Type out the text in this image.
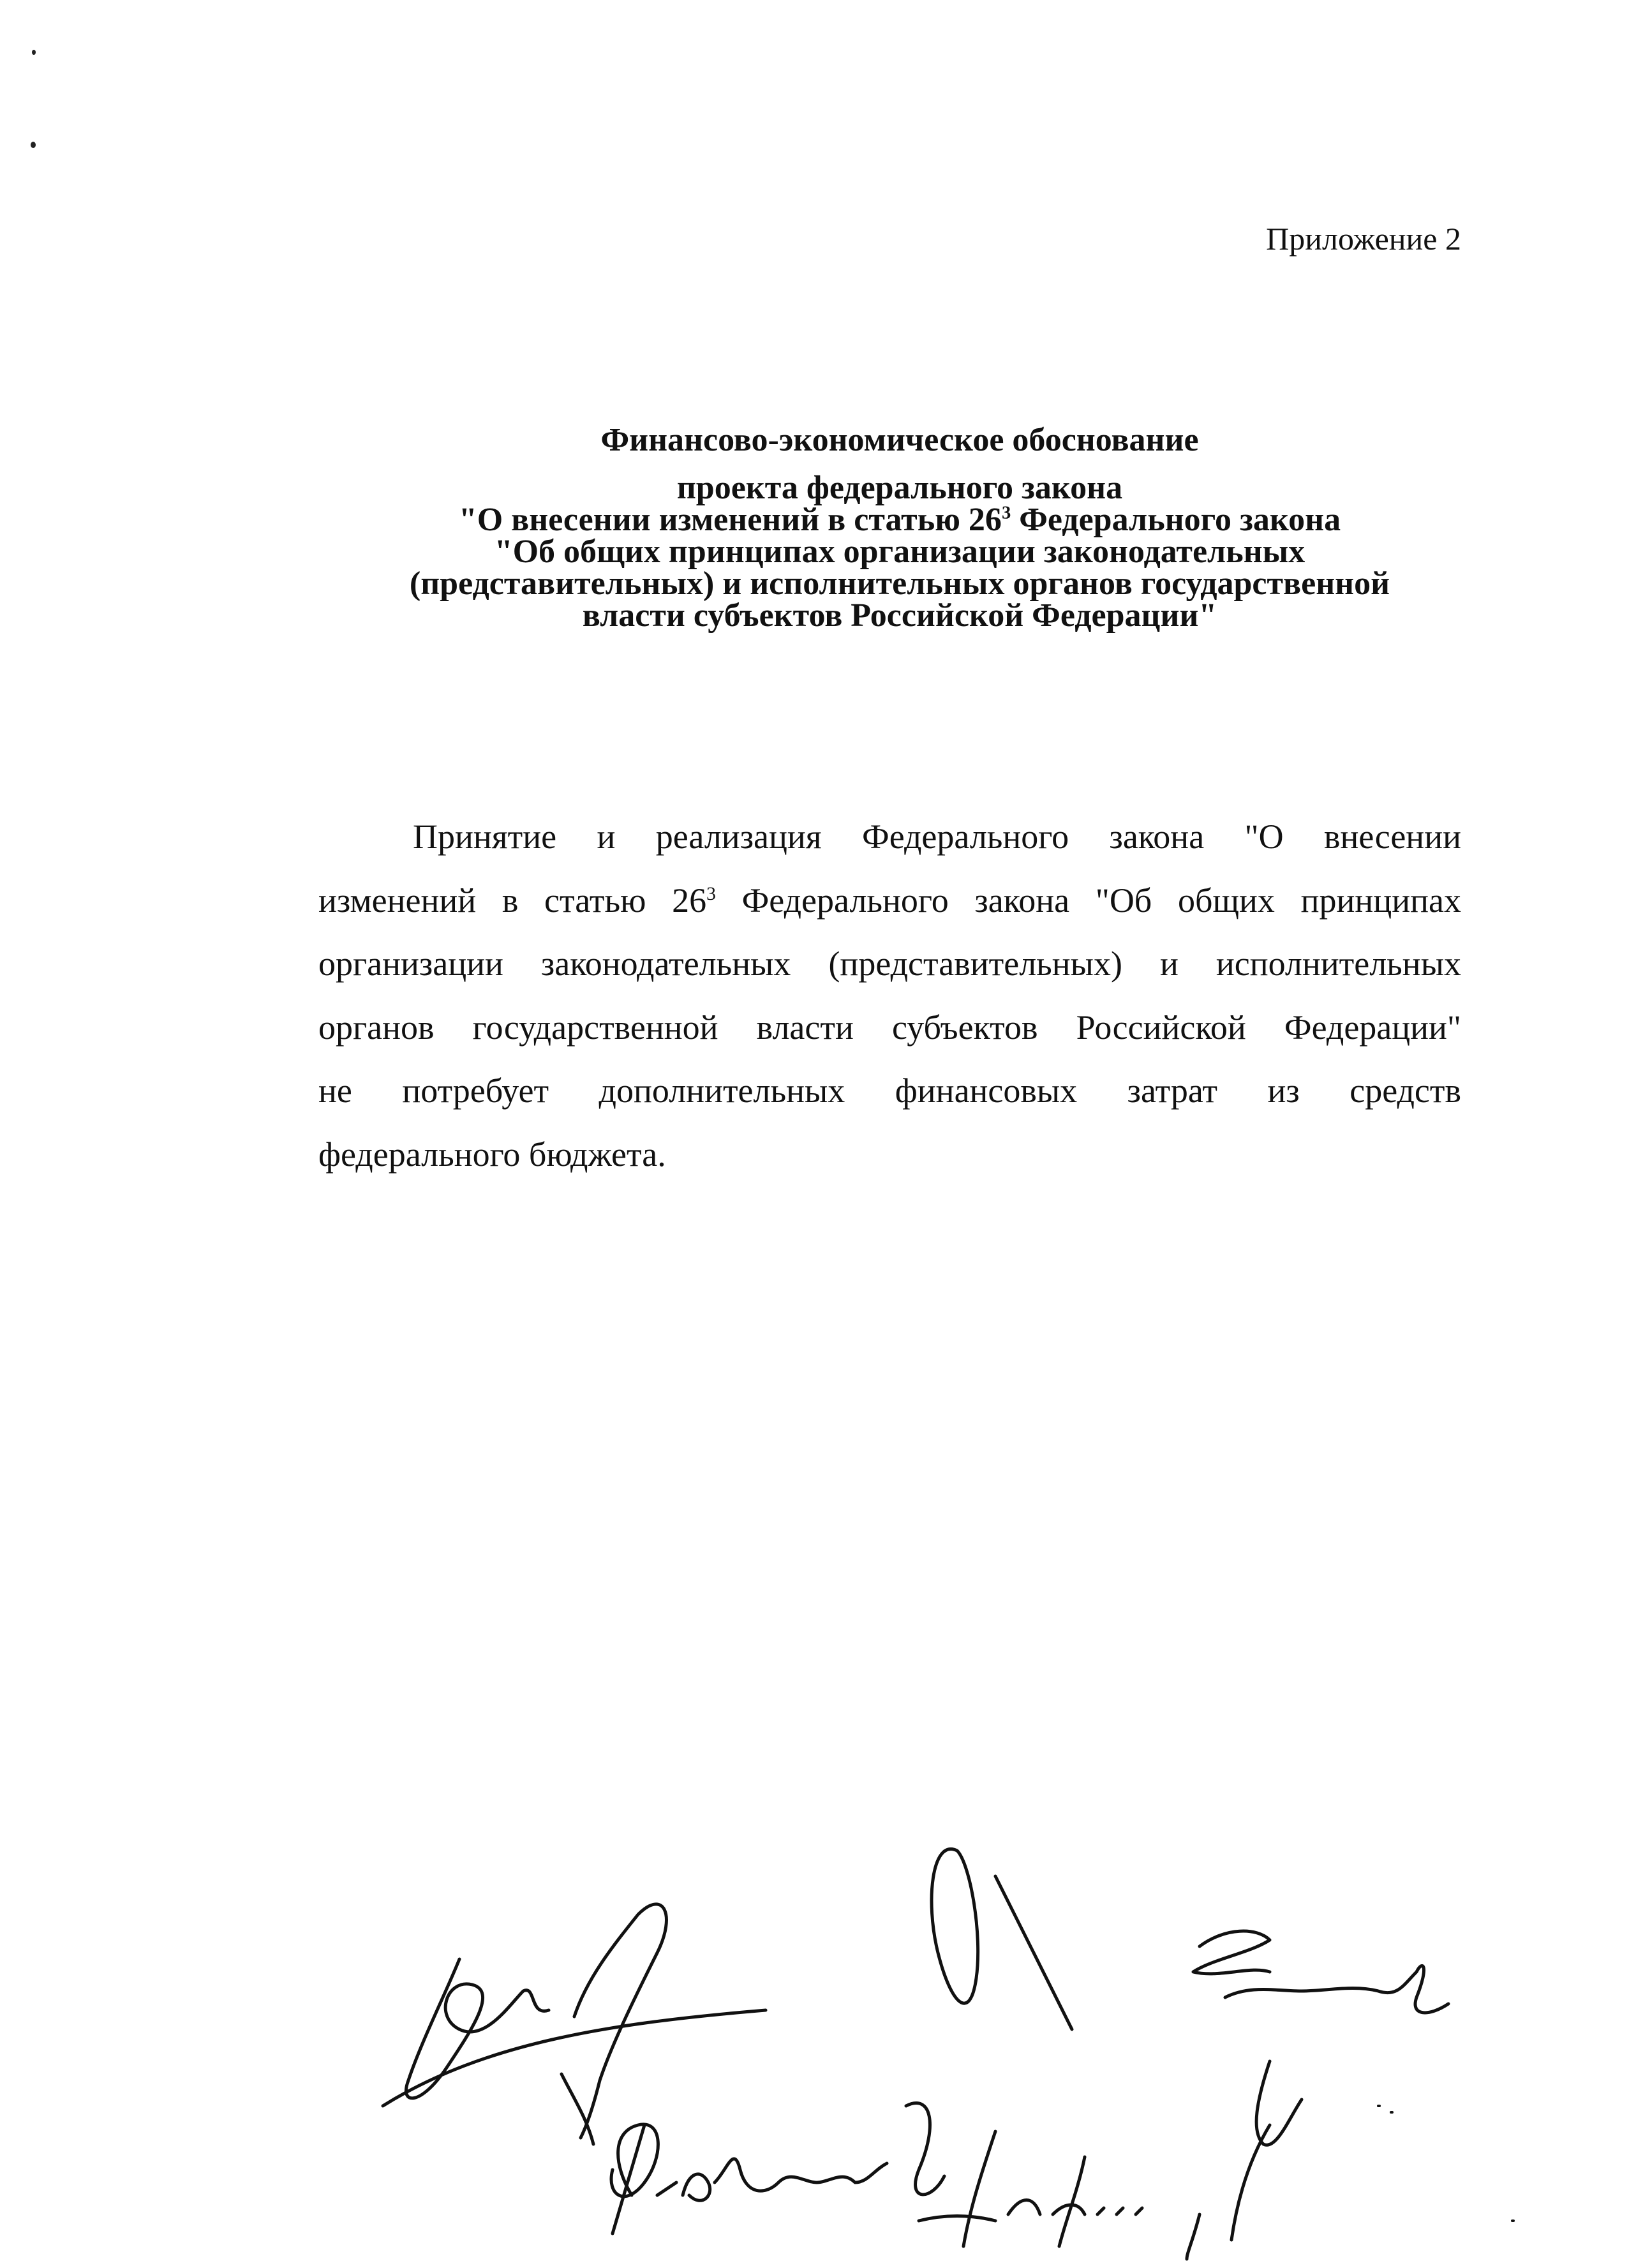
Приложение 2
Финансово-экономическое обоснование
проекта федерального закона
"О внесении изменений в статью $26^3$ Федерального закона
"Об общих принципах организации законодательных
(представительных) и исполнительных органов государственной
власти субъектов Российской Федерации"
Принятие и реализация Федерального закона "О внесении
изменений в статью $26^3$ Федерального закона "Об общих принципах
организации законодательных (представительных) и исполнительных
органов государственной власти субъектов Российской Федерации"
не потребует дополнительных финансовых затрат из средств
федерального бюджета.
